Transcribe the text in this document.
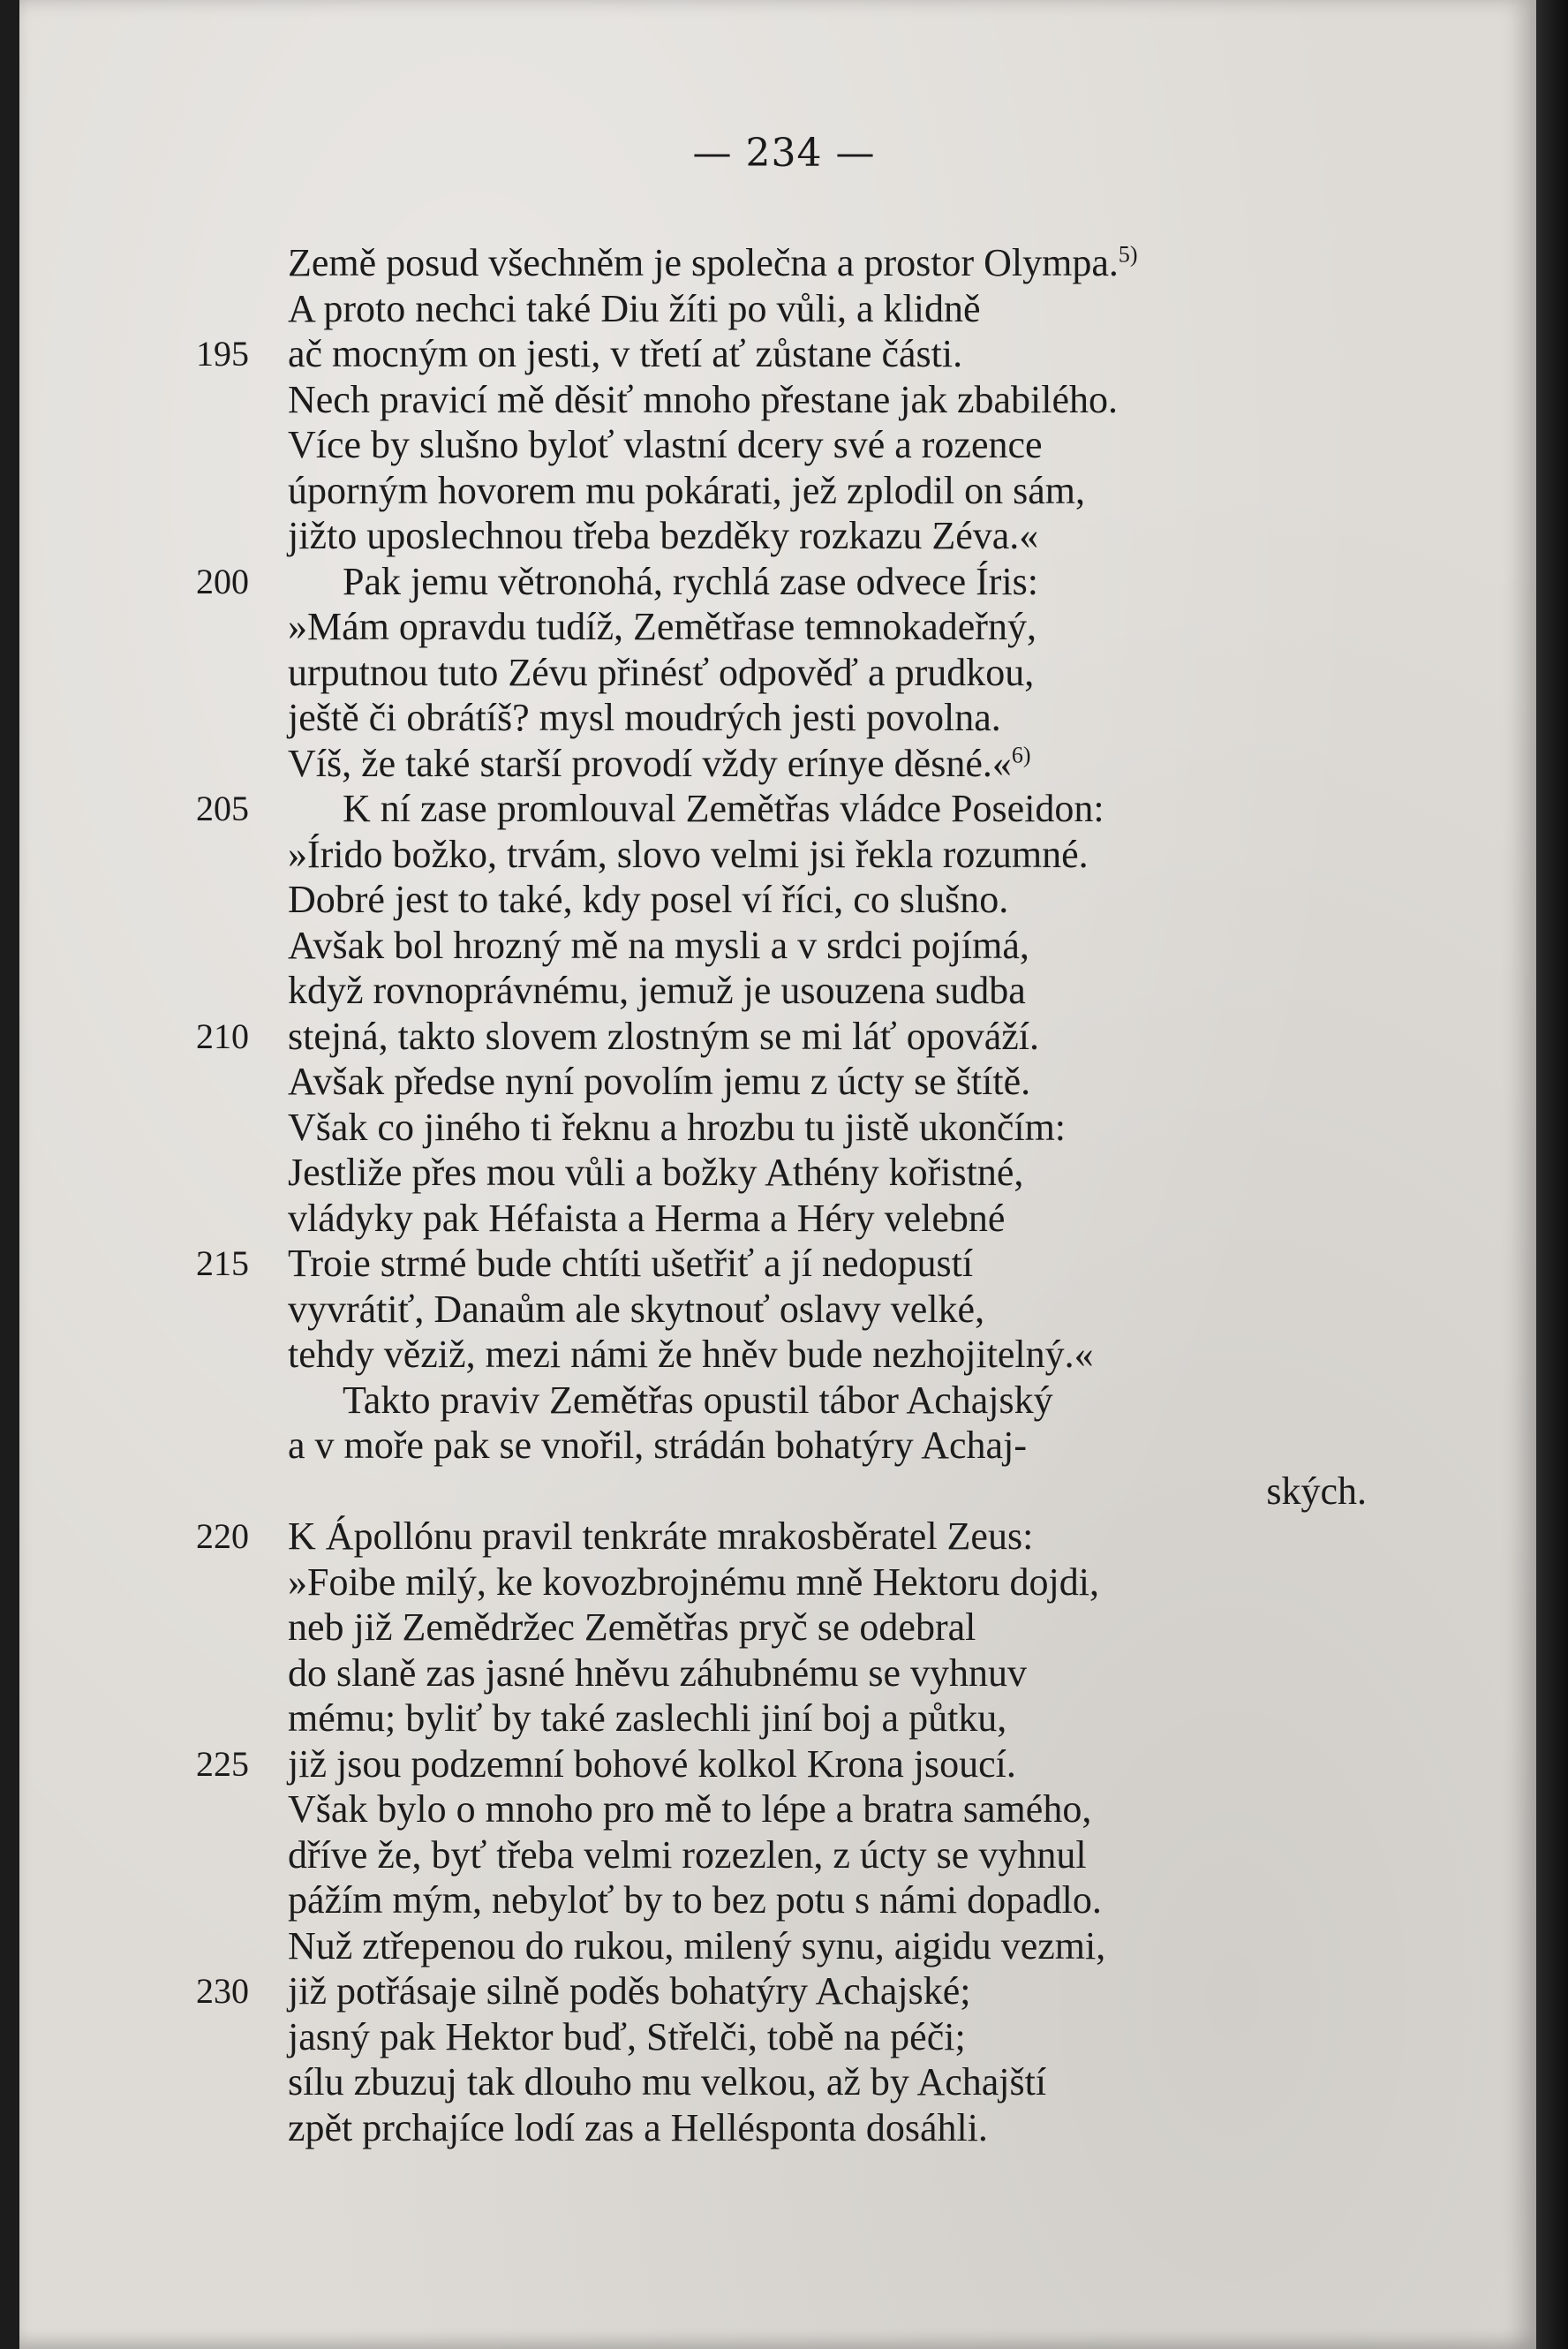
— 234 —
Země posud všechněm je společna a prostor Olympa.$^{5)}$
A proto nechci také Diu žíti po vůli, a klidně
195	ač mocným on jesti, v třetí ať zůstane části.
Nech pravicí mě děsiť mnoho přestane jak zbabilého.
Více by slušno byloť vlastní dcery své a rozence
úporným hovorem mu pokárati, jež zplodil on sám,
jižto uposlechnou třeba bezděky rozkazu Zéva.«
200	Pak jemu větronohá, rychlá zase odvece Íris:
»Mám opravdu tudíž, Zemětřase temnokadeřný,
urputnou tuto Zévu přinésť odpověď a prudkou,
ještě či obrátíš? mysl moudrých jesti povolna.
Víš, že také starší provodí vždy erínye děsné.«$^{6)}$
205	K ní zase promlouval Zemětřas vládce Poseidon:
»Írido božko, trvám, slovo velmi jsi řekla rozumné.
Dobré jest to také, kdy posel ví říci, co slušno.
Avšak bol hrozný mě na mysli a v srdci pojímá,
když rovnoprávnému, jemuž je usouzena sudba
210	stejná, takto slovem zlostným se mi láť opováží.
Avšak předse nyní povolím jemu z úcty se štítě.
Však co jiného ti řeknu a hrozbu tu jistě ukončím:
Jestliže přes mou vůli a božky Athény kořistné,
vládyky pak Héfaista a Herma a Héry velebné
215	Troie strmé bude chtíti ušetřiť a jí nedopustí
vyvrátiť, Danaům ale skytnouť oslavy velké,
tehdy věziž, mezi námi že hněv bude nezhojitelný.«
Takto praviv Zemětřas opustil tábor Achajský
a v moře pak se vnořil, strádán bohatýry Achaj-
ských.
220	K Ápollónu pravil tenkráte mrakosběratel Zeus:
»Foibe milý, ke kovozbrojnému mně Hektoru dojdi,
neb již Zemědržec Zemětřas pryč se odebral
do slaně zas jasné hněvu záhubnému se vyhnuv
mému; byliť by také zaslechli jiní boj a půtku,
225	již jsou podzemní bohové kolkol Krona jsoucí.
Však bylo o mnoho pro mě to lépe a bratra samého,
dříve že, byť třeba velmi rozezlen, z úcty se vyhnul
pážím mým, nebyloť by to bez potu s námi dopadlo.
Nuž ztřepenou do rukou, milený synu, aigidu vezmi,
230	již potřásaje silně poděs bohatýry Achajské;
jasný pak Hektor buď, Střelči, tobě na péči;
sílu zbuzuj tak dlouho mu velkou, až by Achajští
zpět prchajíce lodí zas a Hellésponta dosáhli.
